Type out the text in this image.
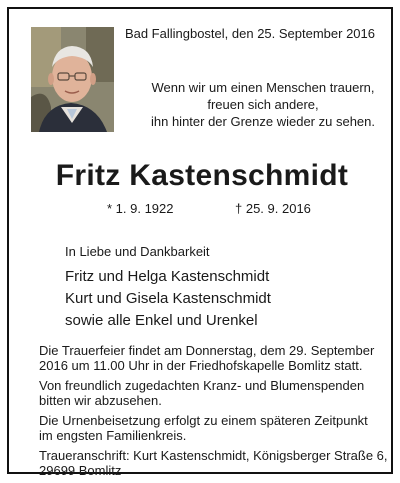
Bad Fallingbostel, den 25. September 2016
Wenn wir um einen Menschen trauern,
freuen sich andere,
ihn hinter der Grenze wieder zu sehen.
Fritz Kastenschmidt
* 1. 9. 1922	† 25. 9. 2016
In Liebe und Dankbarkeit
Fritz und Helga Kastenschmidt
Kurt und Gisela Kastenschmidt
sowie alle Enkel und Urenkel

Die Trauerfeier findet am Donnerstag, dem 29. September
2016 um 11.00 Uhr in der Friedhofskapelle Bomlitz statt.

Von freundlich zugedachten Kranz- und Blumenspenden
bitten wir abzusehen.

Die Urnenbeisetzung erfolgt zu einem späteren Zeitpunkt
im engsten Familienkreis.

Traueranschrift: Kurt Kastenschmidt, Königsberger Straße 6,
29699 Bomlitz
